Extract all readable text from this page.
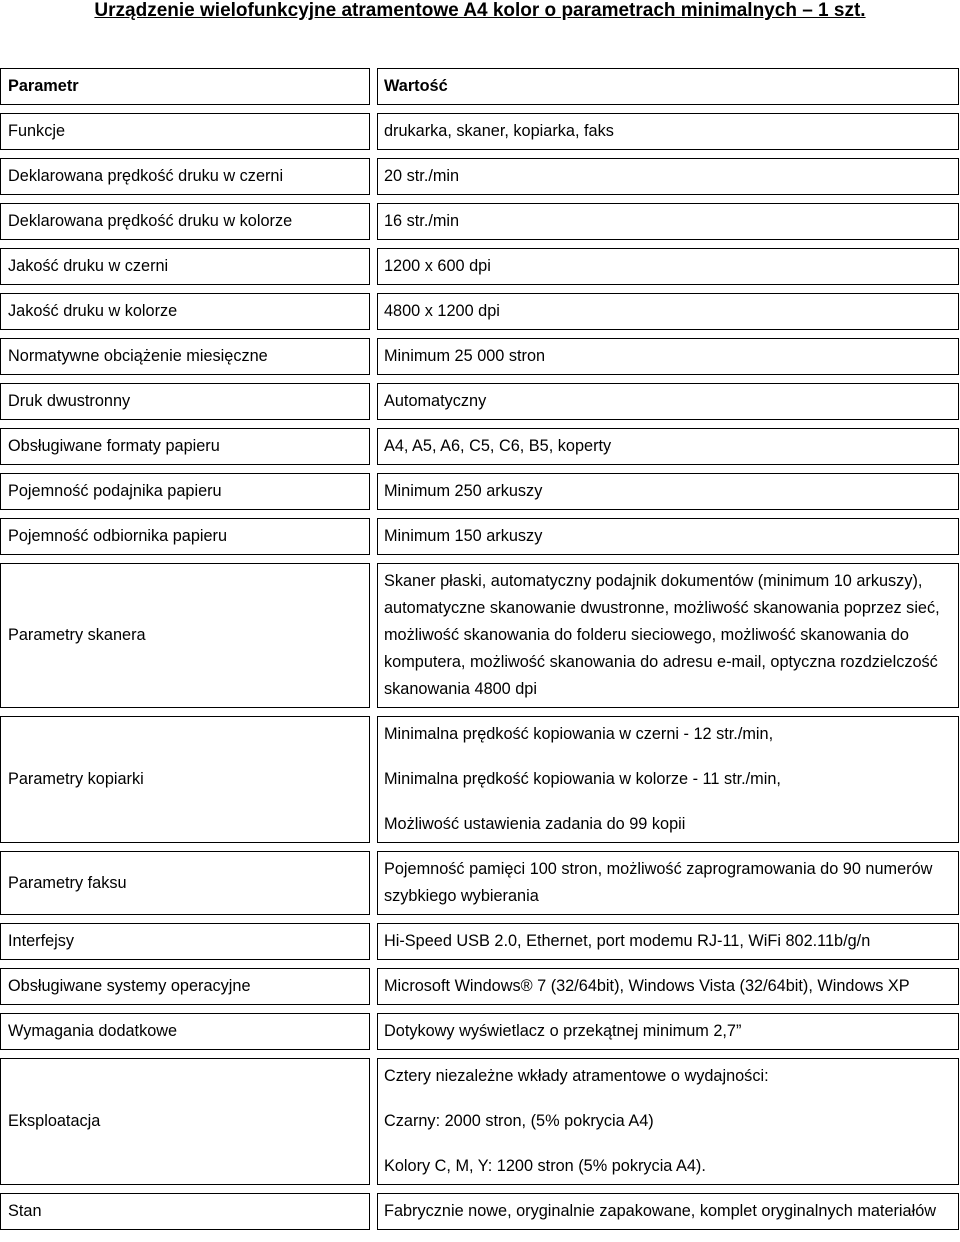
Urządzenie wielofunkcyjne atramentowe A4 kolor o parametrach minimalnych – 1 szt.
Parametr		Wartość
Funkcje		drukarka, skaner, kopiarka, faks

Deklarowana prędkość druku w czerni		20 str./min

Deklarowana prędkość druku w kolorze		16 str./min

Jakość druku w czerni		1200 x 600 dpi

Jakość druku w kolorze		4800 x 1200 dpi

Normatywne obciążenie miesięczne		Minimum 25 000 stron

Druk dwustronny		Automatyczny

Obsługiwane formaty papieru		A4, A5, A6, C5, C6, B5, koperty

Pojemność podajnika papieru		Minimum 250 arkuszy

Pojemność odbiornika papieru		Minimum 150 arkuszy

Parametry skanera		Skaner płaski, automatyczny podajnik dokumentów (minimum 10 arkuszy),
automatyczne skanowanie dwustronne, możliwość skanowania poprzez sieć,
możliwość skanowania do folderu sieciowego, możliwość skanowania do
komputera, możliwość skanowania do adresu e-mail, optyczna rozdzielczość
skanowania 4800 dpi

Parametry kopiarki		Minimalna prędkość kopiowania w czerni - 12 str./min,
Minimalna prędkość kopiowania w kolorze - 11 str./min,
Możliwość ustawienia zadania do 99 kopii

Parametry faksu		Pojemność pamięci 100 stron, możliwość zaprogramowania do 90 numerów
szybkiego wybierania

Interfejsy		Hi-Speed USB 2.0, Ethernet, port modemu RJ-11, WiFi 802.11b/g/n

Obsługiwane systemy operacyjne		Microsoft Windows® 7 (32/64bit), Windows Vista (32/64bit), Windows XP

Wymagania dodatkowe		Dotykowy wyświetlacz o przekątnej minimum 2,7”

Eksploatacja		Cztery niezależne wkłady atramentowe o wydajności:
Czarny: 2000 stron, (5% pokrycia A4)
Kolory C, M, Y: 1200 stron (5% pokrycia A4).

Stan		Fabrycznie nowe, oryginalnie zapakowane, komplet oryginalnych materiałów
